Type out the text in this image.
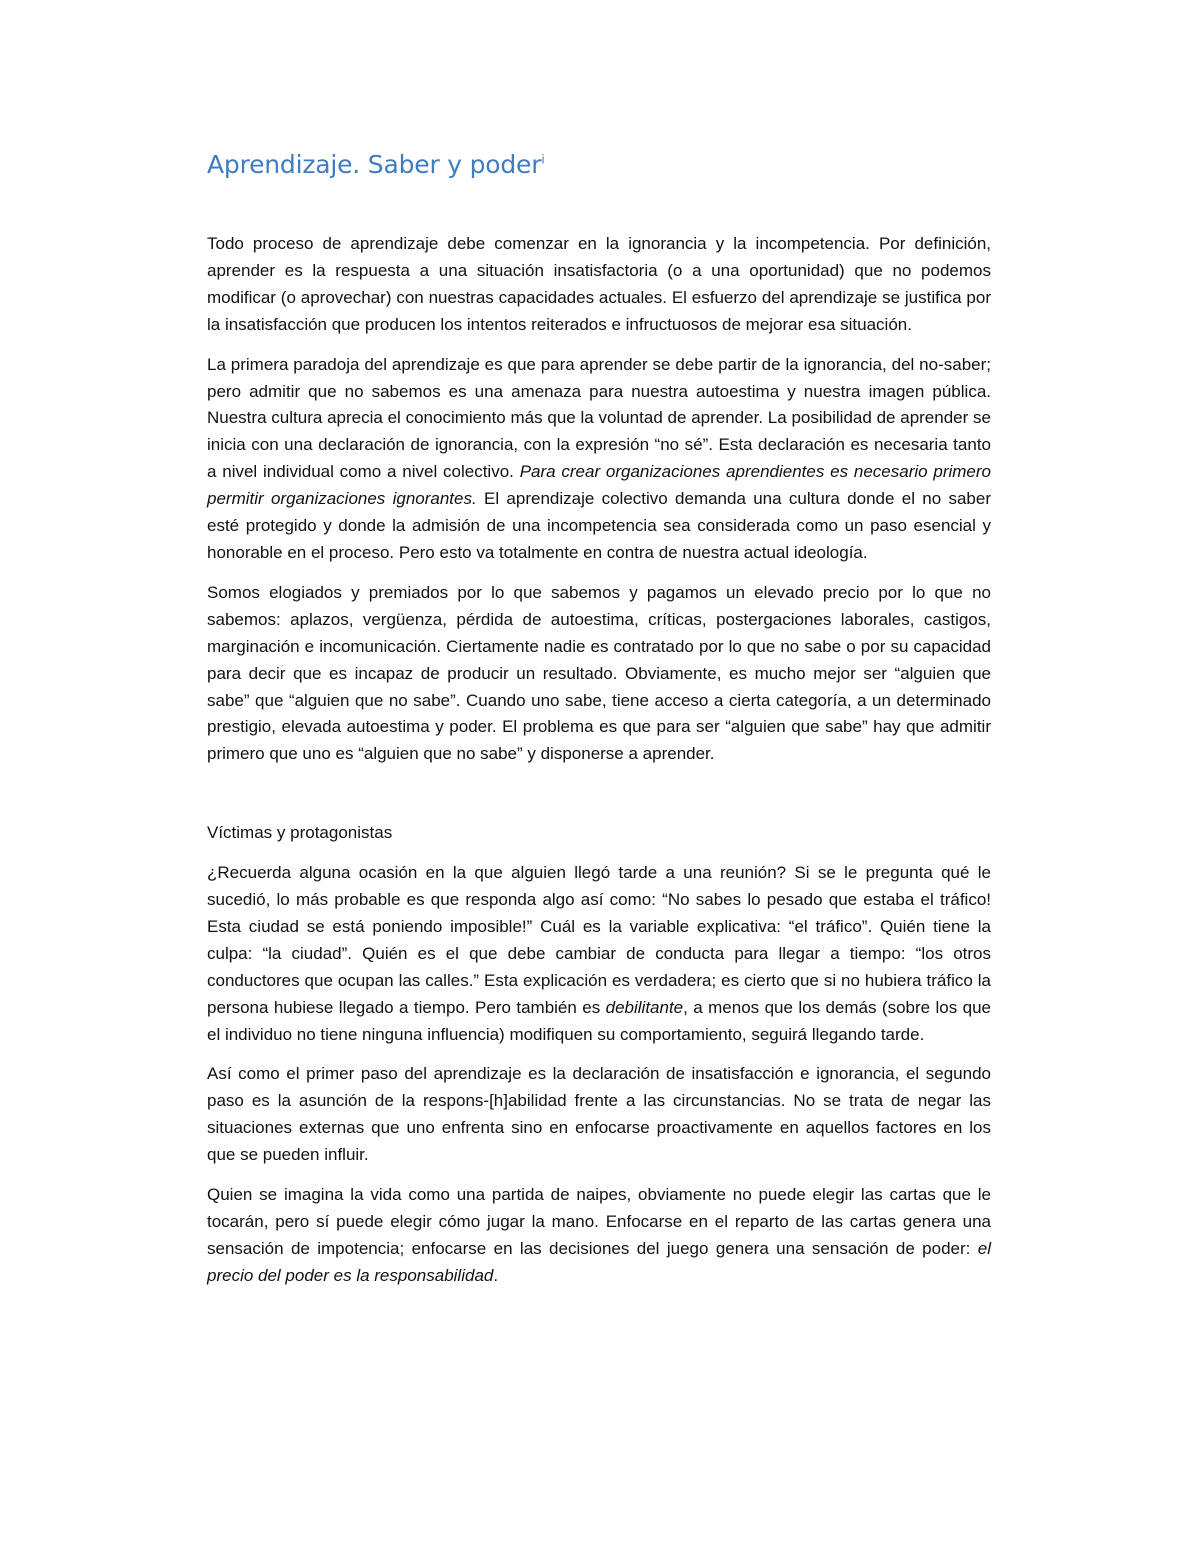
Aprendizaje. Saber y poder$^i$

Todo proceso de aprendizaje debe comenzar en la ignorancia y la incompetencia. Por definición, aprender es la respuesta a una situación insatisfactoria (o a una oportunidad) que no podemos modificar (o aprovechar) con nuestras capacidades actuales. El esfuerzo del aprendizaje se justifica por la insatisfacción que producen los intentos reiterados e infructuosos de mejorar esa situación.

La primera paradoja del aprendizaje es que para aprender se debe partir de la ignorancia, del no-saber; pero admitir que no sabemos es una amenaza para nuestra autoestima y nuestra imagen pública. Nuestra cultura aprecia el conocimiento más que la voluntad de aprender. La posibilidad de aprender se inicia con una declaración de ignorancia, con la expresión “no sé”. Esta declaración es necesaria tanto a nivel individual como a nivel colectivo. Para crear organizaciones aprendientes es necesario primero permitir organizaciones ignorantes. El aprendizaje colectivo demanda una cultura donde el no saber esté protegido y donde la admisión de una incompetencia sea considerada como un paso esencial y honorable en el proceso. Pero esto va totalmente en contra de nuestra actual ideología.

Somos elogiados y premiados por lo que sabemos y pagamos un elevado precio por lo que no sabemos: aplazos, vergüenza, pérdida de autoestima, críticas, postergaciones laborales, castigos, marginación e incomunicación. Ciertamente nadie es contratado por lo que no sabe o por su capacidad para decir que es incapaz de producir un resultado. Obviamente, es mucho mejor ser “alguien que sabe” que “alguien que no sabe”. Cuando uno sabe, tiene acceso a cierta categoría, a un determinado prestigio, elevada autoestima y poder. El problema es que para ser “alguien que sabe” hay que admitir primero que uno es “alguien que no sabe” y disponerse a aprender.

Víctimas y protagonistas

¿Recuerda alguna ocasión en la que alguien llegó tarde a una reunión? Si se le pregunta qué le sucedió, lo más probable es que responda algo así como: “No sabes lo pesado que estaba el tráfico! Esta ciudad se está poniendo imposible!” Cuál es la variable explicativa: “el tráfico”. Quién tiene la culpa: “la ciudad”. Quién es el que debe cambiar de conducta para llegar a tiempo: “los otros conductores que ocupan las calles.” Esta explicación es verdadera; es cierto que si no hubiera tráfico la persona hubiese llegado a tiempo. Pero también es debilitante, a menos que los demás (sobre los que el individuo no tiene ninguna influencia) modifiquen su comportamiento, seguirá llegando tarde.

Así como el primer paso del aprendizaje es la declaración de insatisfacción e ignorancia, el segundo paso es la asunción de la respons-[h]abilidad frente a las circunstancias. No se trata de negar las situaciones externas que uno enfrenta sino en enfocarse proactivamente en aquellos factores en los que se pueden influir.

Quien se imagina la vida como una partida de naipes, obviamente no puede elegir las cartas que le tocarán, pero sí puede elegir cómo jugar la mano. Enfocarse en el reparto de las cartas genera una sensación de impotencia; enfocarse en las decisiones del juego genera una sensación de poder: el precio del poder es la responsabilidad.
